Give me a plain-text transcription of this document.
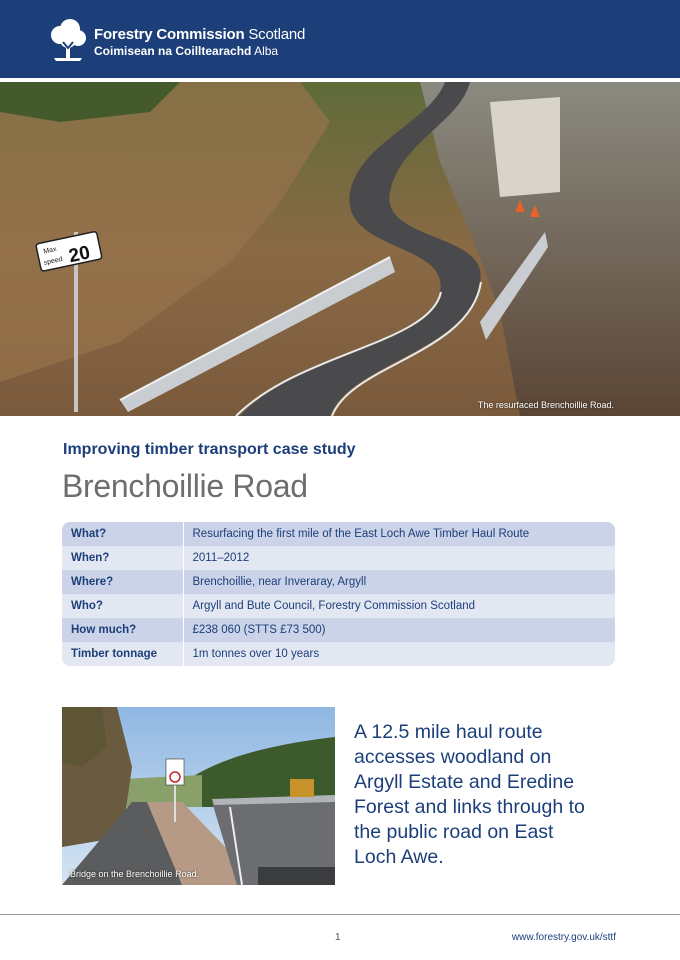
Forestry Commission Scotland
Coimisean na Coilltearachd Alba
Max
speed 20
The resurfaced Brenchoillie Road.
Improving timber transport case study
Brenchoillie Road
What?	Resurfacing the first mile of the East Loch Awe Timber Haul Route
When?	2011–2012
Where?	Brenchoillie, near Inveraray, Argyll
Who?	Argyll and Bute Council, Forestry Commission Scotland
How much?	£238 060 (STTS £73 500)
Timber tonnage	1m tonnes over 10 years
Bridge on the Brenchoillie Road.

A 12.5 mile haul route accesses woodland on Argyll Estate and Eredine Forest and links through to the public road on East Loch Awe.

1	www.forestry.gov.uk/sttf
